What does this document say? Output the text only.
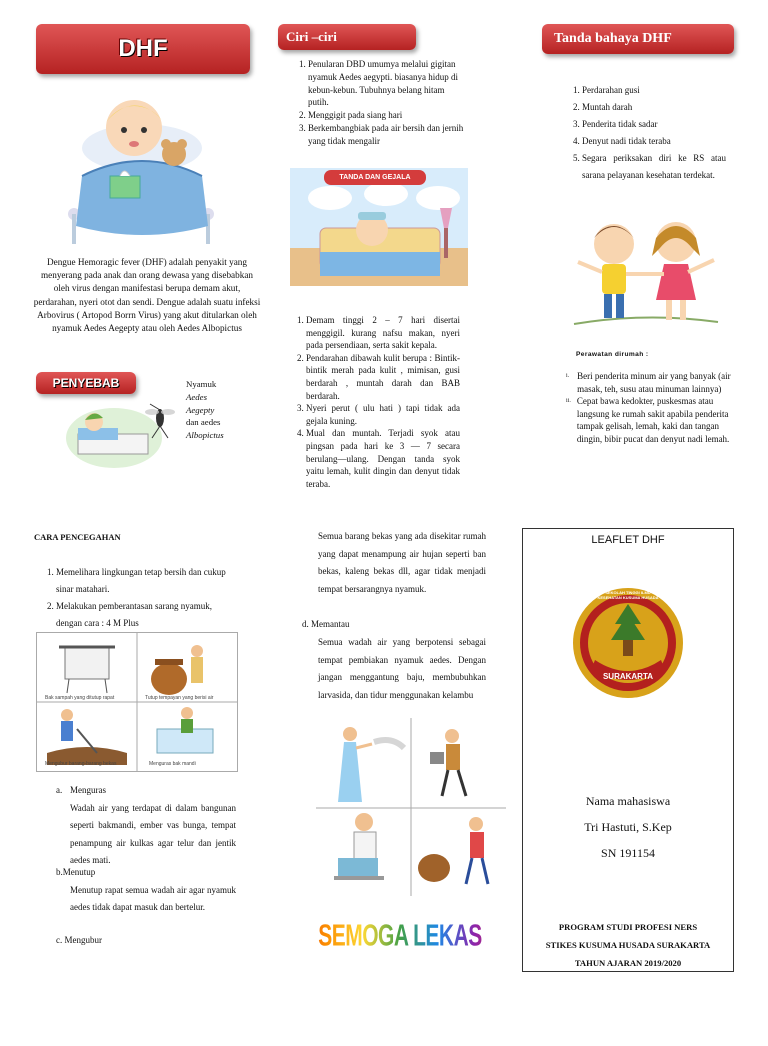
DHF
Dengue Hemoragic fever (DHF) adalah penyakit yang menyerang pada anak dan orang dewasa yang disebabkan oleh virus dengan manifestasi berupa demam akut, perdarahan, nyeri otot dan sendi. Dengue adalah suatu infeksi Arbovirus ( Artopod Borrn Virus) yang akut ditularkan oleh nyamuk Aedes Aegepty atau oleh Aedes Albopictus
PENYEBAB	Nyamuk
Aedes
Aegepty
dan aedes
Albopictus
Ciri –ciri
1. Penularan DBD umumya melalui gigitan nyamuk Aedes aegypti. biasanya hidup di kebun-kebun. Tubuhnya belang hitam putih.
2. Menggigit pada siang hari
3. Berkembangbiak pada air bersih dan jernih yang tidak mengalir
TANDA DAN GEJALA
1. Demam tinggi 2 – 7 hari disertai menggigil. kurang nafsu makan, nyeri pada persendiaan, serta sakit kepala.
2. Pendarahan dibawah kulit berupa : Bintik-bintik merah pada kulit , mimisan, gusi berdarah , muntah darah dan BAB berdarah.
3. Nyeri perut ( ulu hati ) tapi tidak ada gejala kuning.
4. Mual dan muntah. Terjadi syok atau pingsan pada hari ke 3 — 7 secara berulang—ulang. Dengan tanda syok yaitu lemah, kulit dingin dan denyut tidak teraba.
Tanda bahaya DHF
1. Perdarahan gusi
2. Muntah darah
3. Penderita tidak sadar
4. Denyut nadi tidak teraba
5. Segara periksakan diri ke RS atau sarana pelayanan kesehatan terdekat.
Perawatan dirumah :
i. Beri penderita minum air yang banyak (air masak, teh, susu atau minuman lainnya)
ii. Cepat bawa kedokter, puskesmas atau langsung ke rumah sakit apabila penderita tampak gelisah, lemah, kaki dan tangan dingin, bibir pucat dan denyut nadi lemah.
CARA PENCEGAHAN
1. Memelihara lingkungan tetap bersih dan cukup sinar matahari.
2. Melakukan pemberantasan sarang nyamuk, dengan cara : 4 M Plus
Bak sampah yang ditutup rapat	Tutup tempayan yang berisi air
Mengubur barang-barang bekas	Menguras bak mandi
a. Menguras
Wadah air yang terdapat di dalam bangunan seperti bakmandi, ember vas bunga, tempat penampung air kulkas agar telur dan jentik aedes mati.
b.Menutup
Menutup rapat semua wadah air agar nyamuk aedes tidak dapat masuk dan bertelur.
c. Mengubur
Semua barang bekas yang ada disekitar rumah yang dapat menampung air hujan seperti ban bekas, kaleng bekas dll, agar tidak menjadi tempat bersarangnya nyamuk.
d. Memantau
Semua wadah air yang berpotensi sebagai tempat pembiakan nyamuk aedes. Dengan jangan menggantung baju, membubuhkan larvasida, dan tidur menggunakan kelambu
SEMOGA LEKAS SEMBUH
LEAFLET DHF
SEKOLAH TINGGI ILMU KESEHATAN KUSUMA HUSADA
SURAKARTA
Nama mahasiswa
Tri Hastuti, S.Kep
SN 191154
PROGRAM STUDI PROFESI NERS
STIKES KUSUMA HUSADA SURAKARTA
TAHUN AJARAN 2019/2020
